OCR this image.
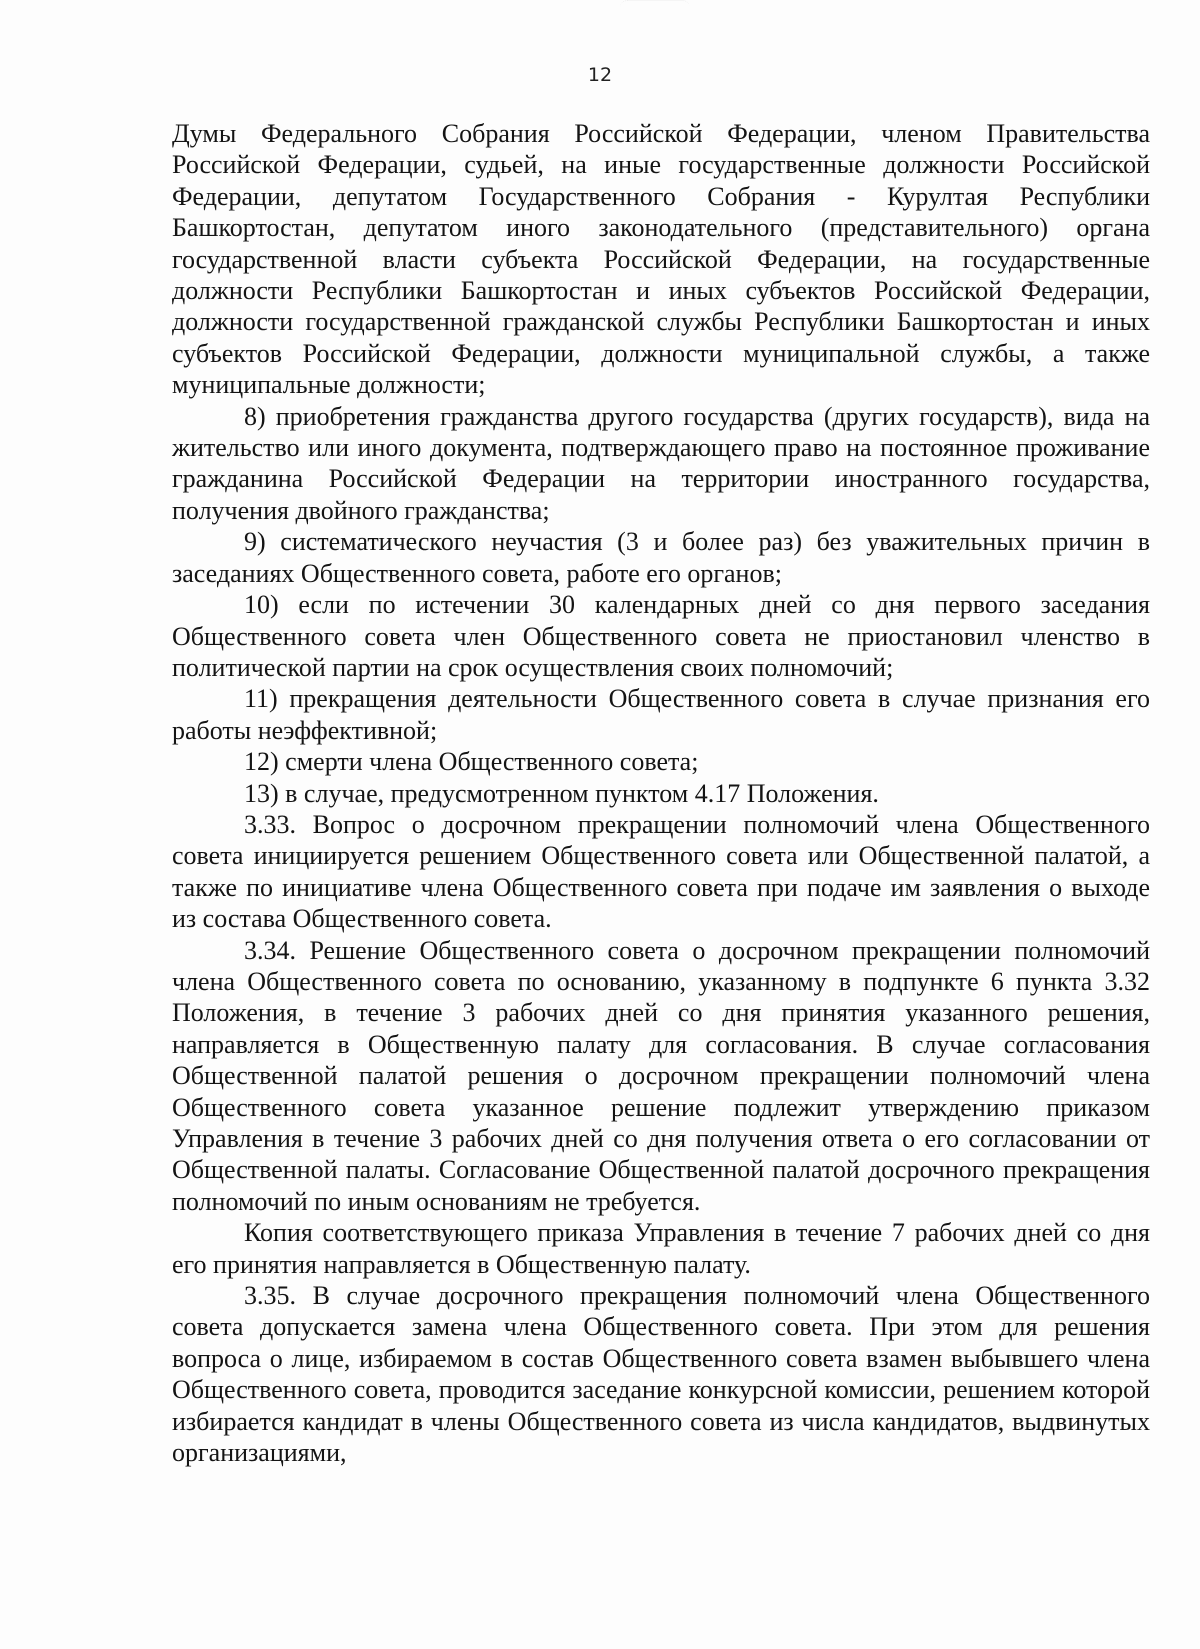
12

Думы Федерального Собрания Российской Федерации, членом Правительства Российской Федерации, судьей, на иные государственные должности Российской Федерации, депутатом Государственного Собрания - Курултая Республики Башкортостан, депутатом иного законодательного (представительного) органа государственной власти субъекта Российской Федерации, на государственные должности Республики Башкортостан и иных субъектов Российской Федерации, должности государственной гражданской службы Республики Башкортостан и иных субъектов Российской Федерации, должности муниципальной службы, а также муниципальные должности;

8) приобретения гражданства другого государства (других государств), вида на жительство или иного документа, подтверждающего право на постоянное проживание гражданина Российской Федерации на территории иностранного государства, получения двойного гражданства;

9) систематического неучастия (3 и более раз) без уважительных причин в заседаниях Общественного совета, работе его органов;

10) если по истечении 30 календарных дней со дня первого заседания Общественного совета член Общественного совета не приостановил членство в политической партии на срок осуществления своих полномочий;

11) прекращения деятельности Общественного совета в случае признания его работы неэффективной;

12) смерти члена Общественного совета;

13) в случае, предусмотренном пунктом 4.17 Положения.

3.33. Вопрос о досрочном прекращении полномочий члена Общественного совета инициируется решением Общественного совета или Общественной палатой, а также по инициативе члена Общественного совета при подаче им заявления о выходе из состава Общественного совета.

3.34. Решение Общественного совета о досрочном прекращении полномочий члена Общественного совета по основанию, указанному в подпункте 6 пункта 3.32 Положения, в течение 3 рабочих дней со дня принятия указанного решения, направляется в Общественную палату для согласования. В случае согласования Общественной палатой решения о досрочном прекращении полномочий члена Общественного совета указанное решение подлежит утверждению приказом Управления в течение 3 рабочих дней со дня получения ответа о его согласовании от Общественной палаты. Согласование Общественной палатой досрочного прекращения полномочий по иным основаниям не требуется.

Копия соответствующего приказа Управления в течение 7 рабочих дней со дня его принятия направляется в Общественную палату.

3.35. В случае досрочного прекращения полномочий члена Общественного совета допускается замена члена Общественного совета. При этом для решения вопроса о лице, избираемом в состав Общественного совета взамен выбывшего члена Общественного совета, проводится заседание конкурсной комиссии, решением которой избирается кандидат в члены Общественного совета из числа кандидатов, выдвинутых организациями,
